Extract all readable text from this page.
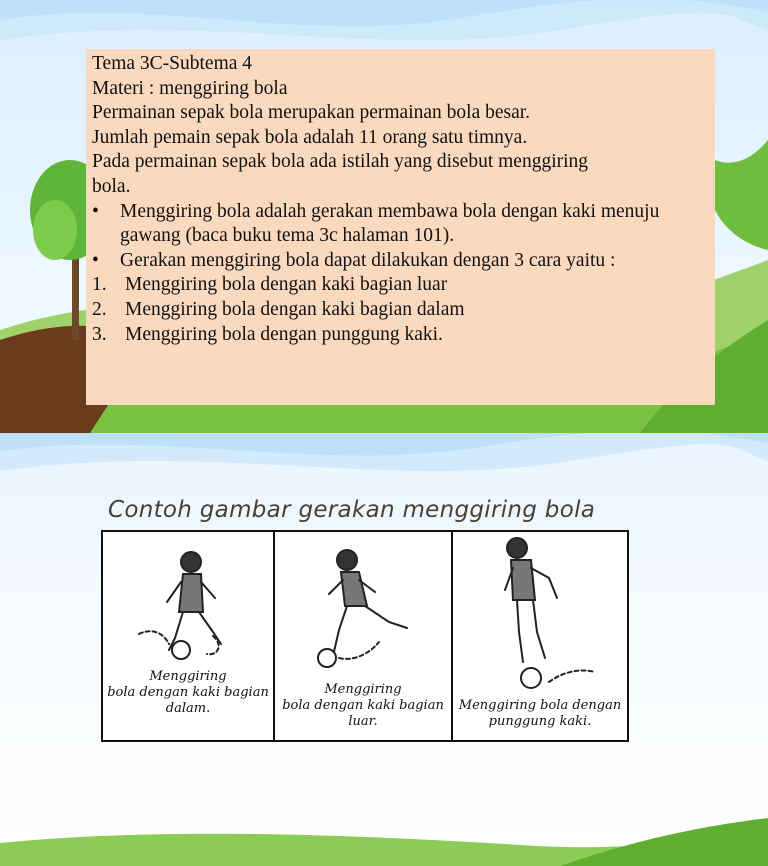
Tema 3C-Subtema 4
Materi : menggiring bola
Permainan sepak bola merupakan permainan bola besar.
Jumlah pemain sepak bola adalah 11 orang satu timnya.
Pada permainan sepak bola ada istilah yang disebut menggiring
bola.
•	Menggiring bola adalah gerakan membawa bola dengan kaki menuju gawang (baca buku tema 3c halaman 101).
•	Gerakan menggiring bola dapat dilakukan dengan 3 cara yaitu :
1. Menggiring bola dengan kaki bagian luar
2. Menggiring bola dengan kaki bagian dalam
3. Menggiring bola dengan punggung kaki.
Contoh gambar gerakan menggiring bola
Menggiring
bola dengan kaki bagian
dalam.
Menggiring
bola dengan kaki bagian
luar.
Menggiring bola dengan
punggung kaki.
